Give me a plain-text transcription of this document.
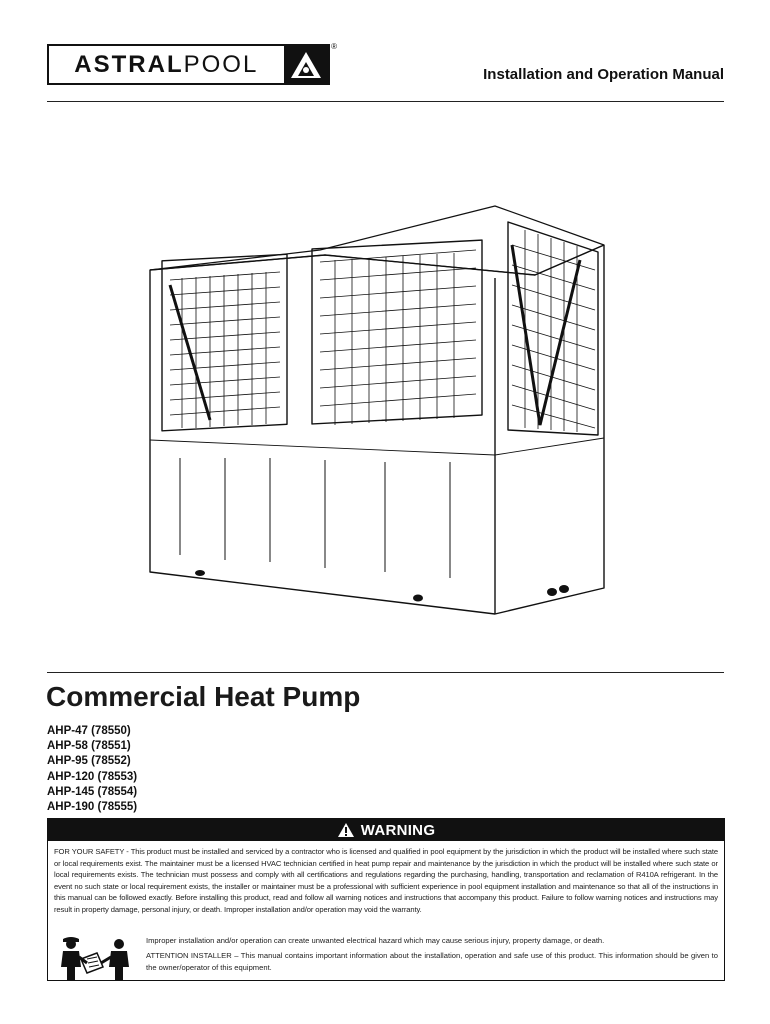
ASTRAL POOL
®
Installation and Operation Manual
Commercial Heat Pump
AHP-47 (78550)
AHP-58 (78551)
AHP-95 (78552)
AHP-120 (78553)
AHP-145 (78554)
AHP-190 (78555)
WARNING

FOR YOUR SAFETY - This product must be installed and serviced by a contractor who is licensed and qualified in pool equipment by the jurisdiction in which the product will be installed where such state or local requirements exist. The maintainer must be a licensed HVAC technician certified in heat pump repair and maintenance by the jurisdiction in which the product will be installed where such state or local requirements exists. The technician must possess and comply with all certifications and regulations regarding the purchasing, handling, transportation and reclamation of R410A refrigerant. In the event no such state or local requirement exists, the installer or maintainer must be a professional with sufficient experience in pool equipment installation and maintenance so that all of the instructions in this manual can be followed exactly. Before installing this product, read and follow all warning notices and instructions that accompany this product. Failure to follow warning notices and instructions may result in property damage, personal injury, or death. Improper installation and/or operation may void the warranty.

Improper installation and/or operation can create unwanted electrical hazard which may cause serious injury, property damage, or death.

ATTENTION INSTALLER – This manual contains important information about the installation, operation and safe use of this product. This information should be given to the owner/operator of this equipment.
